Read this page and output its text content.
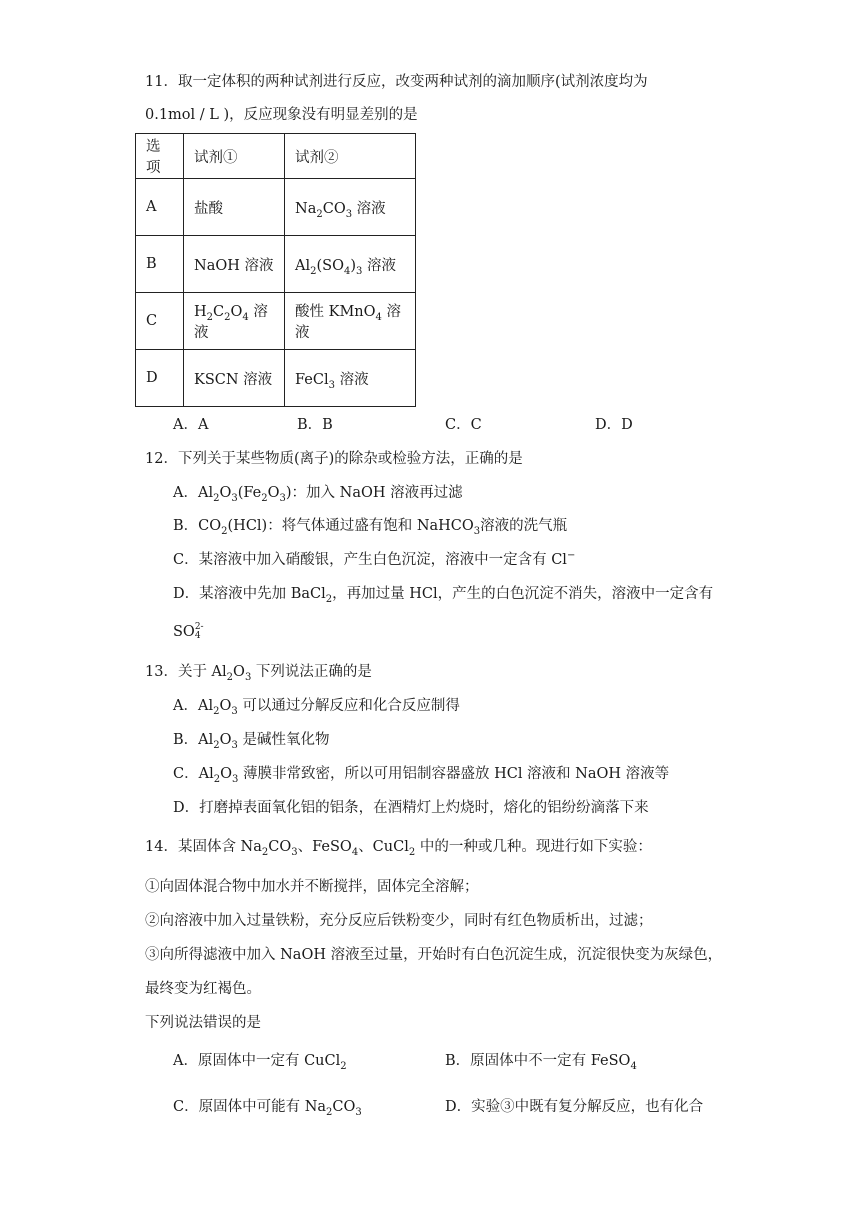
11．取一定体积的两种试剂进行反应，改变两种试剂的滴加顺序(试剂浓度均为
0.1mol / L )，反应现象没有明显差别的是
选项	试剂①	试剂②
A	盐酸	$Na_2CO_3$ 溶液
B	NaOH 溶液	$Al_2(SO_4)_3$ 溶液
C	$H_2C_2O_4$ 溶液	酸性 KMnO$_4$ 溶液
D	KSCN 溶液	FeCl$_3$ 溶液
A．A	B．B	C．C	D．D
12．下列关于某些物质(离子)的除杂或检验方法，正确的是
A．$Al_2O_3(Fe_2O_3)$：加入 NaOH 溶液再过滤
B．$CO_2(HCl)$：将气体通过盛有饱和 NaHCO$_3$溶液的洗气瓶
C．某溶液中加入硝酸银，产生白色沉淀，溶液中一定含有 Cl−
D．某溶液中先加 BaCl$_2$，再加过量 HCl，产生的白色沉淀不消失，溶液中一定含有
SO 2-
4
13．关于 $Al_2O_3$ 下列说法正确的是
A．$Al_2O_3$ 可以通过分解反应和化合反应制得
B．$Al_2O_3$ 是碱性氧化物
C．$Al_2O_3$ 薄膜非常致密，所以可用铝制容器盛放 HCl 溶液和 NaOH 溶液等
D．打磨掉表面氧化铝的铝条，在酒精灯上灼烧时，熔化的铝纷纷滴落下来
14．某固体含 $Na_2CO_3$、FeSO$_4$、CuCl$_2$ 中的一种或几种。现进行如下实验：
①向固体混合物中加水并不断搅拌，固体完全溶解；
②向溶液中加入过量铁粉，充分反应后铁粉变少，同时有红色物质析出，过滤；
③向所得滤液中加入 NaOH 溶液至过量，开始时有白色沉淀生成，沉淀很快变为灰绿色，
最终变为红褐色。
下列说法错误的是
A．原固体中一定有 CuCl$_2$	B．原固体中不一定有 FeSO$_4$
C．原固体中可能有 $Na_2CO_3$	D．实验③中既有复分解反应，也有化合
